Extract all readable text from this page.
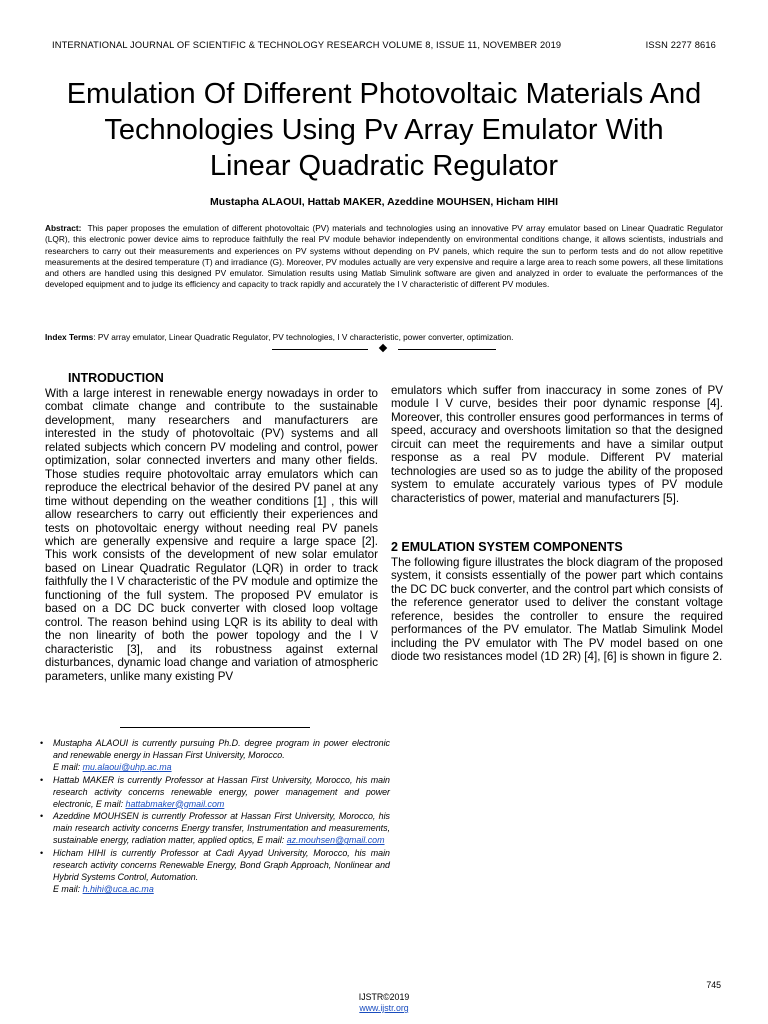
INTERNATIONAL JOURNAL OF SCIENTIFIC & TECHNOLOGY RESEARCH VOLUME 8, ISSUE 11, NOVEMBER 2019	ISSN 2277 8616
Emulation Of Different Photovoltaic Materials And
Technologies Using Pv Array Emulator With
Linear Quadratic Regulator
Mustapha ALAOUI, Hattab MAKER, Azeddine MOUHSEN, Hicham HIHI
Abstract: This paper proposes the emulation of different photovoltaic (PV) materials and technologies using an innovative PV array emulator based on Linear Quadratic Regulator (LQR), this electronic power device aims to reproduce faithfully the real PV module behavior independently on environmental conditions change, it allows scientists, industrials and researchers to carry out their measurements and experiences on PV systems without depending on PV panels, which require the sun to perform tests and do not allow repetitive measurements at the desired temperature (T) and irradiance (G). Moreover, PV modules actually are very expensive and require a large area to reach some powers, all these limitations and others are handled using this designed PV emulator. Simulation results using Matlab Simulink software are given and analyzed in order to evaluate the performances of the developed equipment and to judge its efficiency and capacity to track rapidly and accurately the I V characteristic of different PV modules.
Index Terms: PV array emulator, Linear Quadratic Regulator, PV technologies, I V characteristic, power converter, optimization.
INTRODUCTION
With a large interest in renewable energy nowadays in order to combat climate change and contribute to the sustainable development, many researchers and manufacturers are interested in the study of photovoltaic (PV) systems and all related subjects which concern PV modeling and control, power optimization, solar connected inverters and many other fields. Those studies require photovoltaic array emulators which can reproduce the electrical behavior of the desired PV panel at any time without depending on the weather conditions [1] , this will allow researchers to carry out efficiently their experiences and tests on photovoltaic energy without needing real PV panels which are generally expensive and require a large space [2]. This work consists of the development of new solar emulator based on Linear Quadratic Regulator (LQR) in order to track faithfully the I V characteristic of the PV module and optimize the functioning of the full system. The proposed PV emulator is based on a DC DC buck converter with closed loop voltage control. The reason behind using LQR is its ability to deal with the non linearity of both the power topology and the I V characteristic [3], and its robustness against external disturbances, dynamic load change and variation of atmospheric parameters, unlike many existing PV
emulators which suffer from inaccuracy in some zones of PV module I V curve, besides their poor dynamic response [4]. Moreover, this controller ensures good performances in terms of speed, accuracy and overshoots limitation so that the designed circuit can meet the requirements and have a similar output response as a real PV module. Different PV material technologies are used so as to judge the ability of the proposed system to emulate accurately various types of PV module characteristics of power, material and manufacturers [5].
2 EMULATION SYSTEM COMPONENTS
The following figure illustrates the block diagram of the proposed system, it consists essentially of the power part which contains the DC DC buck converter, and the control part which consists of the reference generator used to deliver the constant voltage reference, besides the controller to ensure the required performances of the PV emulator. The Matlab Simulink Model including the PV emulator with The PV model based on one diode two resistances model (1D 2R) [4], [6] is shown in figure 2.
•	Mustapha ALAOUI is currently pursuing Ph.D. degree program in power electronic and renewable energy in Hassan First University, Morocco.
E mail: mu.alaoui@uhp.ac.ma
•	Hattab MAKER is currently Professor at Hassan First University, Morocco, his main research activity concerns renewable energy, power management and power electronic, E mail: hattabmaker@gmail.com
•	Azeddine MOUHSEN is currently Professor at Hassan First University, Morocco, his main research activity concerns Energy transfer, Instrumentation and measurements, sustainable energy, radiation matter, applied optics, E mail: az.mouhsen@gmail.com
•	Hicham HIHI is currently Professor at Cadi Ayyad University, Morocco, his main research activity concerns Renewable Energy, Bond Graph Approach, Nonlinear and Hybrid Systems Control, Automation.
E mail: h.hihi@uca.ac.ma
745
IJSTR©2019
www.ijstr.org
